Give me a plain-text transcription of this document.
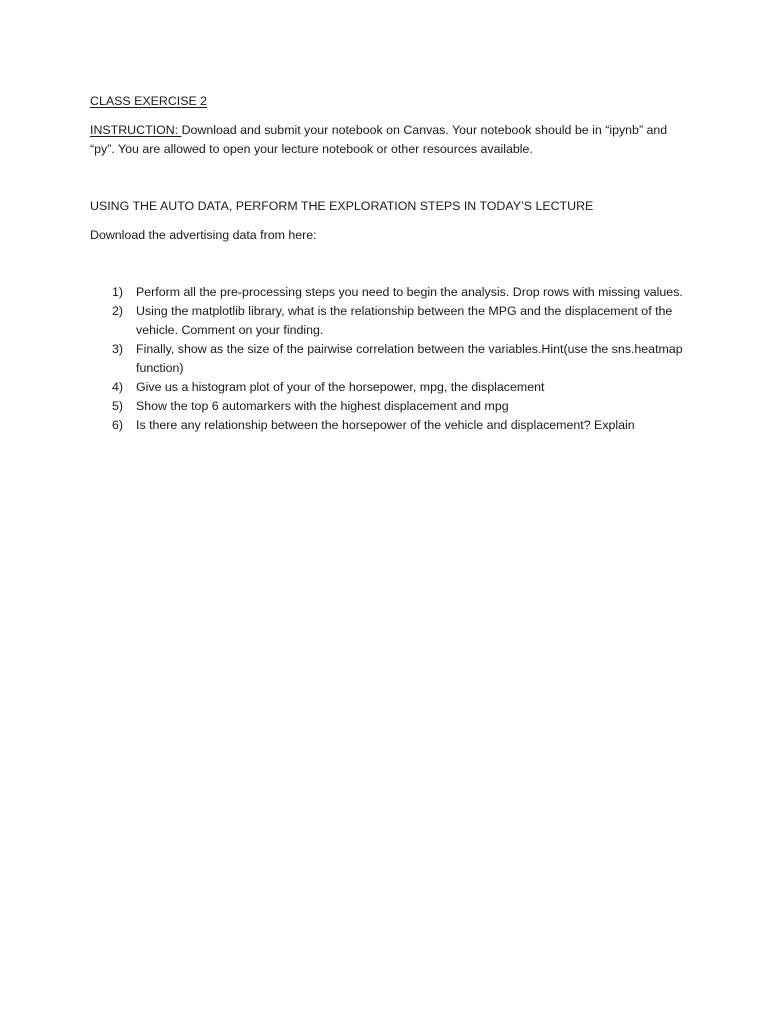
CLASS EXERCISE 2

INSTRUCTION: Download and submit your notebook on Canvas. Your notebook should be in “ipynb” and “py”. You are allowed to open your lecture notebook or other resources available.

USING THE AUTO DATA, PERFORM THE EXPLORATION STEPS IN TODAY’S LECTURE

Download the advertising data from here:

1) Perform all the pre-processing steps you need to begin the analysis. Drop rows with missing values.
2) Using the matplotlib library, what is the relationship between the MPG and the displacement of the vehicle. Comment on your finding.
3) Finally, show as the size of the pairwise correlation between the variables.Hint(use the sns.heatmap function)
4) Give us a histogram plot of your of the horsepower, mpg, the displacement
5) Show the top 6 automarkers with the highest displacement and mpg
6) Is there any relationship between the horsepower of the vehicle and displacement? Explain
